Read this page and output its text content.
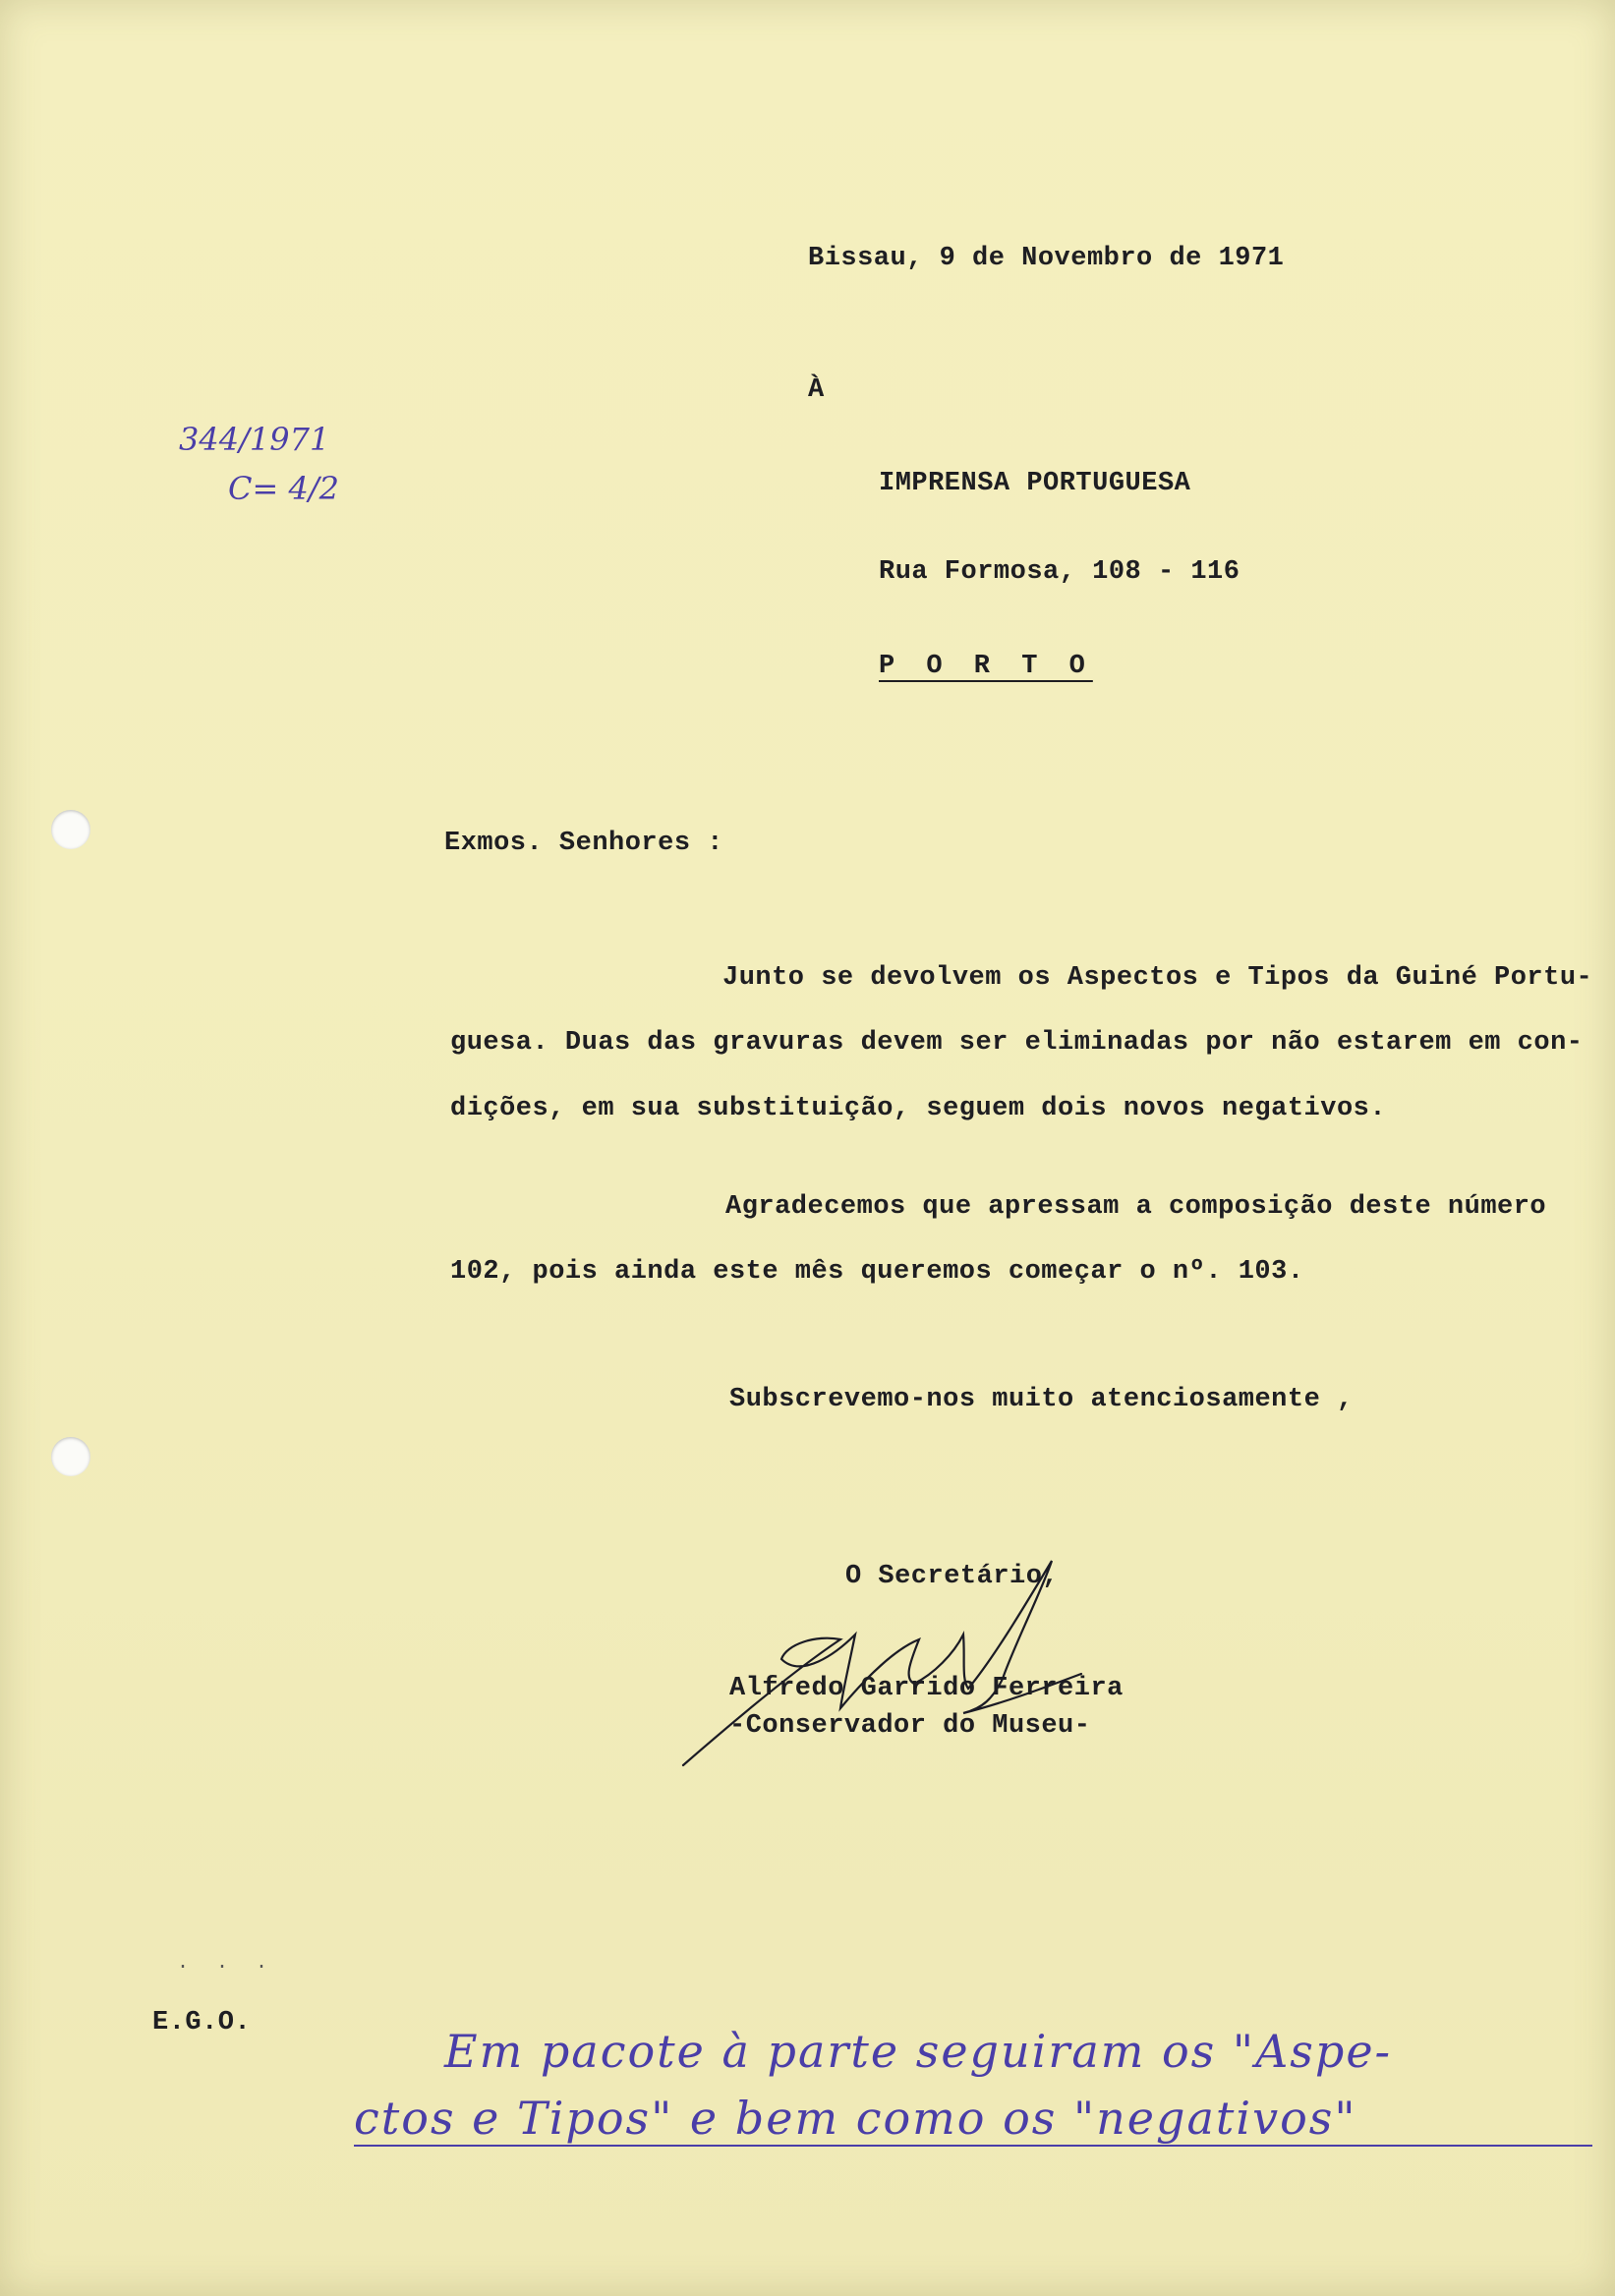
344/1971
C= 4/2
Bissau, 9 de Novembro de 1971
À
IMPRENSA PORTUGUESA
Rua Formosa, 108 - 116
P O R T O
Exmos. Senhores :
Junto se devolvem os Aspectos e Tipos da Guiné Portu-
guesa. Duas das gravuras devem ser eliminadas por não estarem em con-
dições, em sua substituição, seguem dois novos negativos.
Agradecemos que apressam a composição deste número
102, pois ainda este mês queremos começar o nº. 103.
Subscrevemo-nos muito atenciosamente ,
O Secretário,
Alfredo Garrido Ferreira
-Conservador do Museu-
· · ·
E.G.O.
Em pacote à parte seguiram os "Aspe-
ctos e Tipos" e bem como os "negativos"
